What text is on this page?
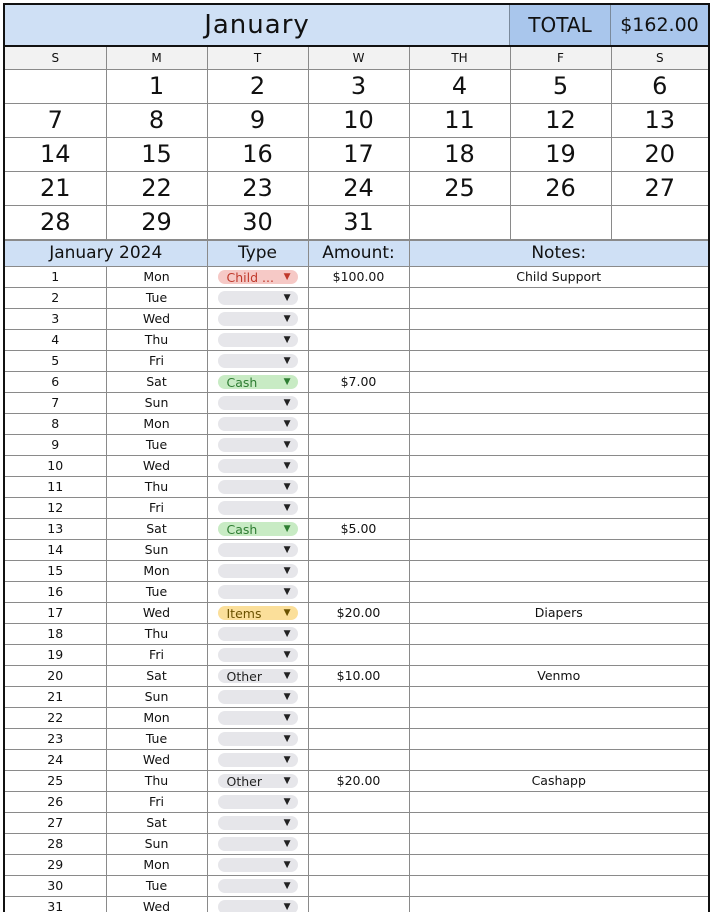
January	TOTAL	$162.00
S	M	T	W	TH	F	S
	1	2	3	4	5	6
7	8	9	10	11	12	13
14	15	16	17	18	19	20
21	22	23	24	25	26	27
28	29	30	31			
January 2024		Type	Amount:	Notes:
1	Mon	Child ... ▼	$100.00	Child Support
2	Tue	▼		

3	Wed	▼		

4	Thu	▼		

5	Fri	▼		

6	Sat	Cash ▼	$7.00	
7	Sun	▼		

8	Mon	▼		

9	Tue	▼		

10	Wed	▼		

11	Thu	▼		

12	Fri	▼		

13	Sat	Cash ▼	$5.00	
14	Sun	▼		

15	Mon	▼		

16	Tue	▼		

17	Wed	Items ▼	$20.00	Diapers
18	Thu	▼		

19	Fri	▼		

20	Sat	Other ▼	$10.00	Venmo
21	Sun	▼		

22	Mon	▼		

23	Tue	▼		

24	Wed	▼		

25	Thu	Other ▼	$20.00	Cashapp
26	Fri	▼		

27	Sat	▼		

28	Sun	▼		

29	Mon	▼		

30	Tue	▼		

31	Wed	▼		
